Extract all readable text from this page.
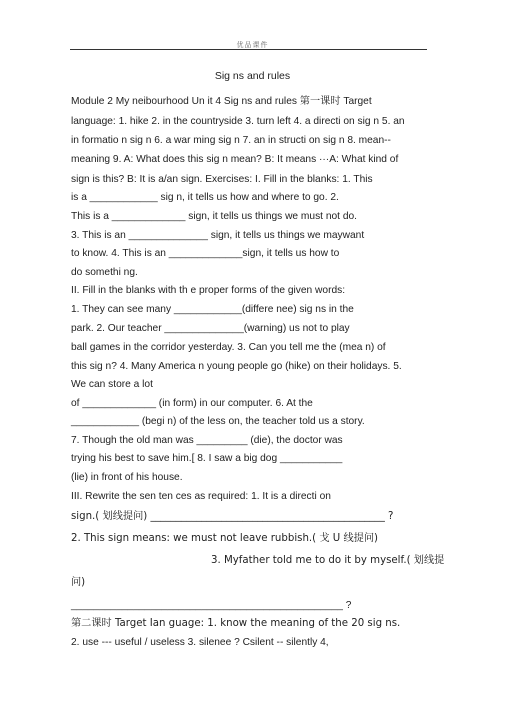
优品课件
Sig ns and rules
Module 2 My neibourhood Un it 4 Sig ns and rules 第一课时 Target
language: 1. hike 2. in the countryside 3. turn left 4. a directi on sig n 5. an
in formatio n sig n 6. a war ming sig n 7. an in structi on sig n 8. mean--
meaning 9. A: What does this sig n mean? B: It means ···A: What kind of
sign is this? B: It is a/an sign. Exercises: I. Fill in the blanks: 1. This
is a ____________ sig n, it tells us how and where to go. 2.
This is a _____________ sign, it tells us things we must not do.
3. This is an ______________ sign, it tells us things we maywant
to know. 4. This is an _____________sign, it tells us how to
do somethi ng.
II. Fill in the blanks with th e proper forms of the given words:
1. They can see many ____________(differe nee) sig ns in the
park. 2. Our teacher ______________(warning) us not to play
ball games in the corridor yesterday. 3. Can you tell me the (mea n) of
this sig n? 4. Many America n young people go (hike) on their holidays. 5.
We can store a lot
of _____________ (in form) in our computer. 6. At the
____________ (begi n) of the less on, the teacher told us a story.
7. Though the old man was _________ (die), the doctor was
trying his best to save him.[ 8. I saw a big dog ___________
(lie) in front of his house.
III. Rewrite the sen ten ces as required: 1. It is a directi on
sign.( 划线提问) ______________________________________________ ?
2. This sign means: we must not leave rubbish.( 戈 U 线提问)
3. Myfather told me to do it by myself.( 划线提
问)
________________________________________________ ?
第二课时 Target Ian guage: 1. know the meaning of the 20 sig ns.
2. use --- useful / useless 3. silenee ? Csilent -- silently 4,
